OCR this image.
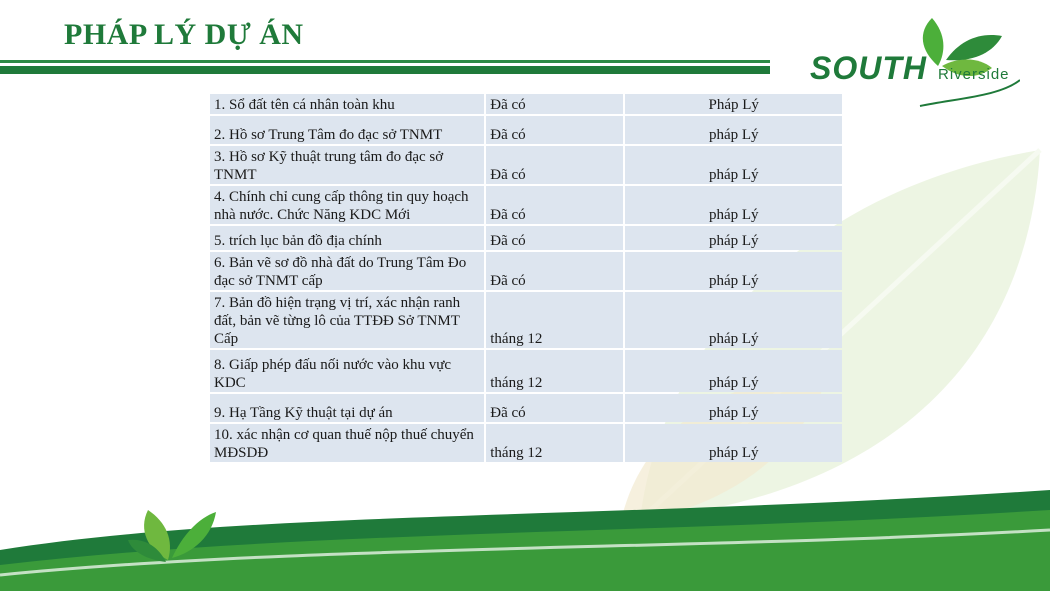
PHÁP LÝ DỰ ÁN
SOUTH Riverside
1. Sổ đất tên cá nhân toàn khu	Đã có	Pháp Lý
2. Hồ sơ Trung Tâm đo đạc sở TNMT	Đã có	pháp Lý
3. Hồ sơ Kỹ thuật trung tâm đo đạc sở TNMT	Đã có	pháp Lý
4. Chính chỉ cung cấp thông tin quy hoạch nhà nước. Chức Năng KDC Mới	Đã có	pháp Lý
5. trích lục bản đồ địa chính	Đã có	pháp Lý
6. Bản vẽ sơ đồ nhà đất do Trung Tâm Đo đạc sở TNMT cấp	Đã có	pháp Lý
7. Bản đồ hiện trạng vị trí, xác nhận ranh đất, bản vẽ từng lô của TTĐĐ Sở TNMT Cấp	tháng 12	pháp Lý
8. Giấp phép đấu nối nước vào khu vực KDC	tháng 12	pháp Lý
9. Hạ Tầng Kỹ thuật tại dự án	Đã có	pháp Lý
10. xác nhận cơ quan thuế nộp thuế chuyển MĐSDĐ	tháng 12	pháp Lý
